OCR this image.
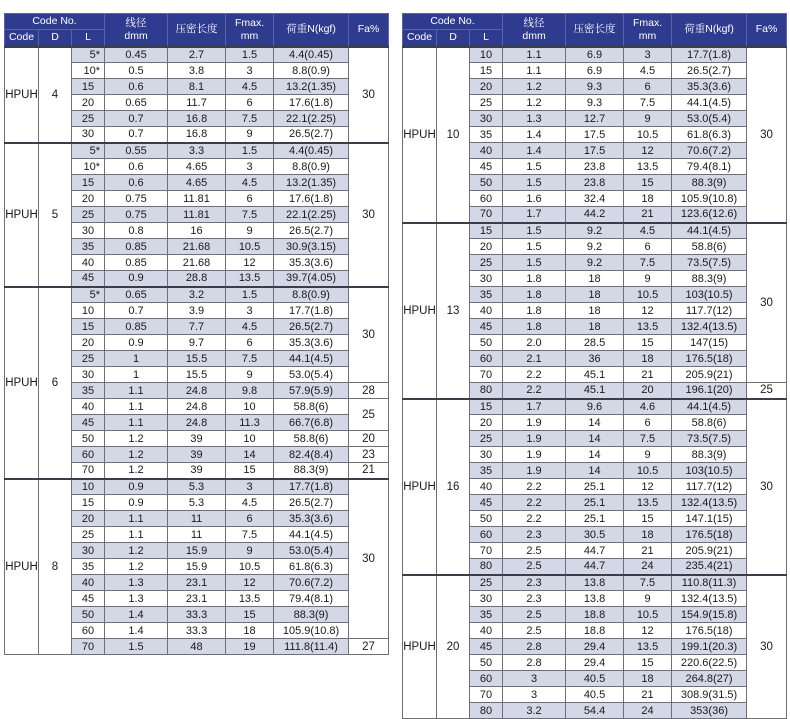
Code No.			线径
dmm	压密长度	Fmax.
mm	荷重N(kgf)	Fa%
Code	D	L					
HPUH	4	5*	0.45	2.7	1.5	4.4(0.45)	30
		10*	0.5	3.8	3	8.8(0.9)	
		15	0.6	8.1	4.5	13.2(1.35)	
		20	0.65	11.7	6	17.6(1.8)	
		25	0.7	16.8	7.5	22.1(2.25)	
		30	0.7	16.8	9	26.5(2.7)	
HPUH	5	5*	0.55	3.3	1.5	4.4(0.45)	30
		10*	0.6	4.65	3	8.8(0.9)	
		15	0.6	4.65	4.5	13.2(1.35)	
		20	0.75	11.81	6	17.6(1.8)	
		25	0.75	11.81	7.5	22.1(2.25)	
		30	0.8	16	9	26.5(2.7)	
		35	0.85	21.68	10.5	30.9(3.15)	
		40	0.85	21.68	12	35.3(3.6)	
		45	0.9	28.8	13.5	39.7(4.05)	
HPUH	6	5*	0.65	3.2	1.5	8.8(0.9)	30
		10	0.7	3.9	3	17.7(1.8)	
		15	0.85	7.7	4.5	26.5(2.7)	
		20	0.9	9.7	6	35.3(3.6)	
		25	1	15.5	7.5	44.1(4.5)	
		30	1	15.5	9	53.0(5.4)	
		35	1.1	24.8	9.8	57.9(5.9)	28
		40	1.1	24.8	10	58.8(6)	25
		45	1.1	24.8	11.3	66.7(6.8)	
		50	1.2	39	10	58.8(6)	20
		60	1.2	39	14	82.4(8.4)	23
		70	1.2	39	15	88.3(9)	21
HPUH	8	10	0.9	5.3	3	17.7(1.8)	30
		15	0.9	5.3	4.5	26.5(2.7)	
		20	1.1	11	6	35.3(3.6)	
		25	1.1	11	7.5	44.1(4.5)	
		30	1.2	15.9	9	53.0(5.4)	
		35	1.2	15.9	10.5	61.8(6.3)	
		40	1.3	23.1	12	70.6(7.2)	
		45	1.3	23.1	13.5	79.4(8.1)	
		50	1.4	33.3	15	88.3(9)	
		60	1.4	33.3	18	105.9(10.8)	
		70	1.5	48	19	111.8(11.4)	27
Code No.			线径
dmm	压密长度	Fmax.
mm	荷重N(kgf)	Fa%
Code	D	L					
HPUH	10	10	1.1	6.9	3	17.7(1.8)	30
		15	1.1	6.9	4.5	26.5(2.7)	
		20	1.2	9.3	6	35.3(3.6)	
		25	1.2	9.3	7.5	44.1(4.5)	
		30	1.3	12.7	9	53.0(5.4)	
		35	1.4	17.5	10.5	61.8(6.3)	
		40	1.4	17.5	12	70.6(7.2)	
		45	1.5	23.8	13.5	79.4(8.1)	
		50	1.5	23.8	15	88.3(9)	
		60	1.6	32.4	18	105.9(10.8)	
		70	1.7	44.2	21	123.6(12.6)	
HPUH	13	15	1.5	9.2	4.5	44.1(4.5)	30
		20	1.5	9.2	6	58.8(6)	
		25	1.5	9.2	7.5	73.5(7.5)	
		30	1.8	18	9	88.3(9)	
		35	1.8	18	10.5	103(10.5)	
		40	1.8	18	12	117.7(12)	
		45	1.8	18	13.5	132.4(13.5)	
		50	2.0	28.5	15	147(15)	
		60	2.1	36	18	176.5(18)	
		70	2.2	45.1	21	205.9(21)	
		80	2.2	45.1	20	196.1(20)	25
HPUH	16	15	1.7	9.6	4.6	44.1(4.5)	30
		20	1.9	14	6	58.8(6)	
		25	1.9	14	7.5	73.5(7.5)	
		30	1.9	14	9	88.3(9)	
		35	1.9	14	10.5	103(10.5)	
		40	2.2	25.1	12	117.7(12)	
		45	2.2	25.1	13.5	132.4(13.5)	
		50	2.2	25.1	15	147.1(15)	
		60	2.3	30.5	18	176.5(18)	
		70	2.5	44.7	21	205.9(21)	
		80	2.5	44.7	24	235.4(21)	
HPUH	20	25	2.3	13.8	7.5	110.8(11.3)	30
		30	2.3	13.8	9	132.4(13.5)	
		35	2.5	18.8	10.5	154.9(15.8)	
		40	2.5	18.8	12	176.5(18)	
		45	2.8	29.4	13.5	199.1(20.3)	
		50	2.8	29.4	15	220.6(22.5)	
		60	3	40.5	18	264.8(27)	
		70	3	40.5	21	308.9(31.5)	
		80	3.2	54.4	24	353(36)	
